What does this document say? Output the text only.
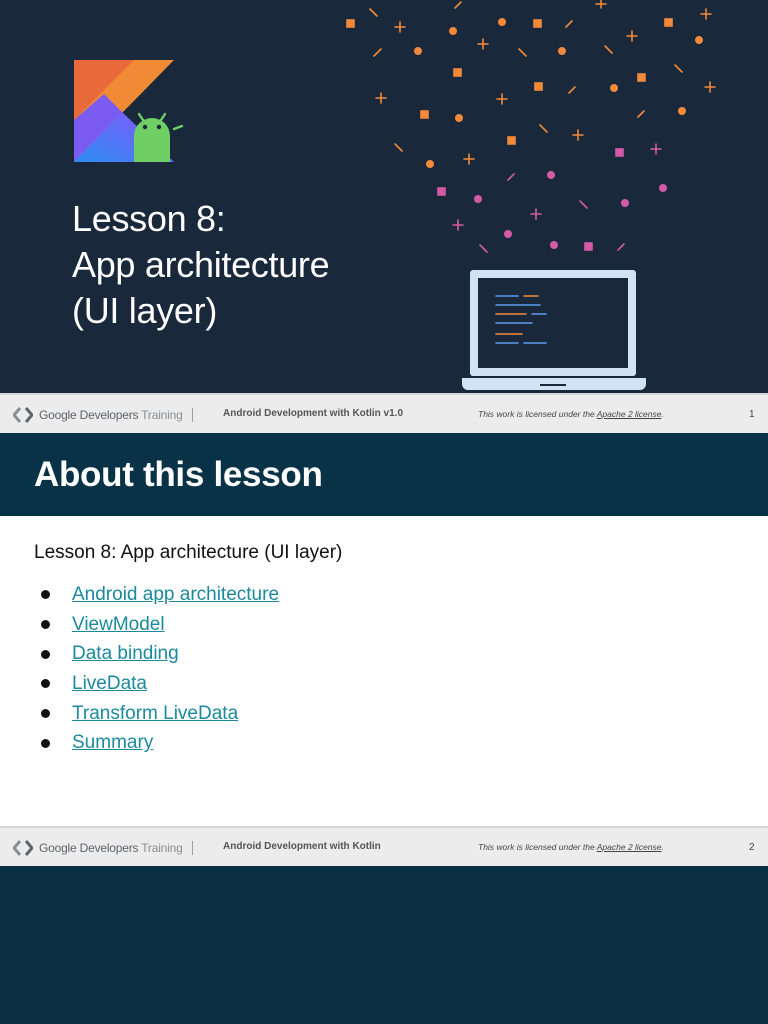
Lesson 8:
App architecture
(UI layer)
Google Developers Training	Android Development with Kotlin v1.0	This work is licensed under the Apache 2 license.	1
About this lesson
Lesson 8: App architecture (UI layer)
Android app architecture
ViewModel
Data binding
LiveData
Transform LiveData
Summary
Google Developers Training	Android Development with Kotlin	This work is licensed under the Apache 2 license.	2
